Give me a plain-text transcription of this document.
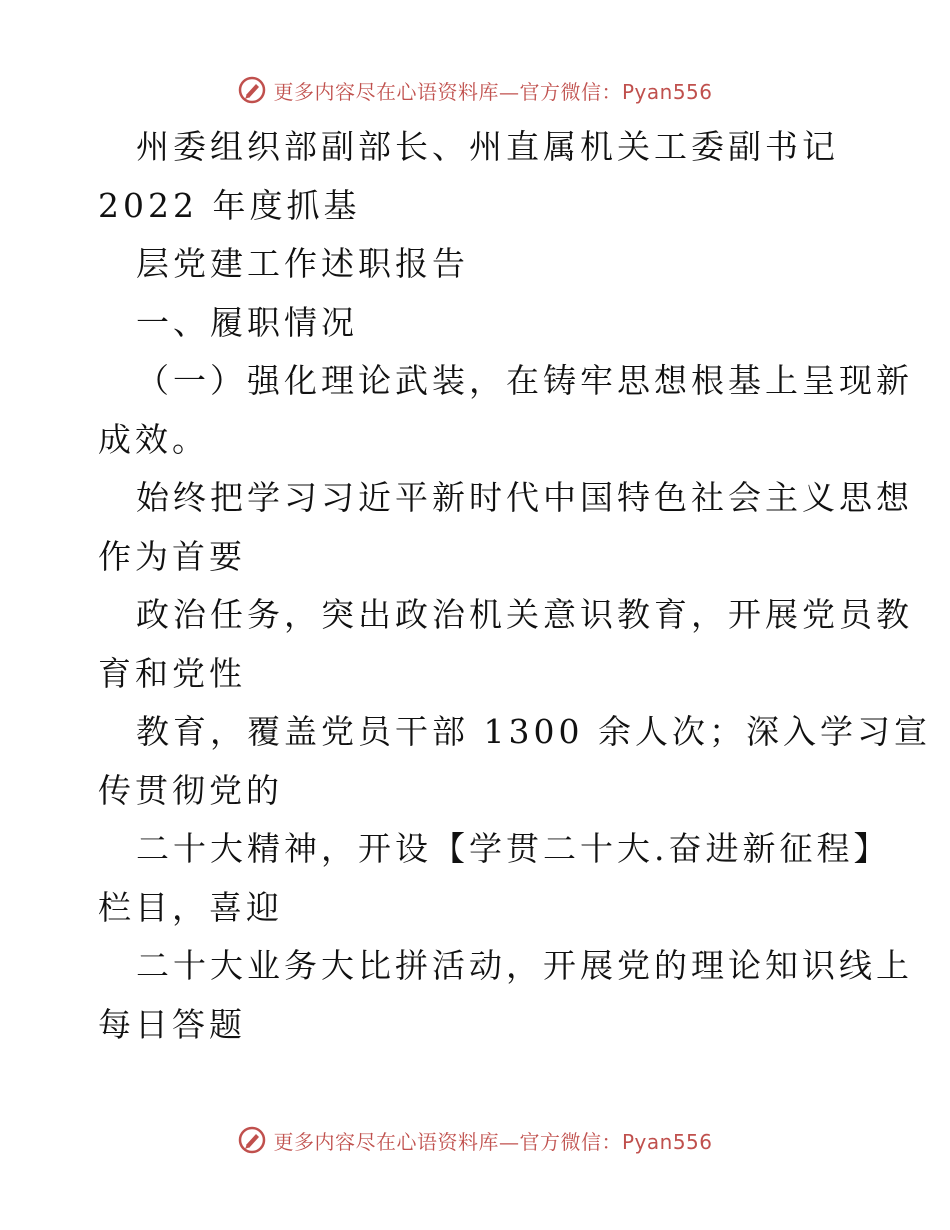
更多内容尽在心语资料库—官方微信：Pyan556
州委组织部副部长、州直属机关工委副书记
2022 年度抓基
层党建工作述职报告
一、履职情况
（一）强化理论武装，在铸牢思想根基上呈现新
成效。
始终把学习习近平新时代中国特色社会主义思想
作为首要
政治任务，突出政治机关意识教育，开展党员教
育和党性
教育，覆盖党员干部 1300 余人次；深入学习宣
传贯彻党的
二十大精神，开设【学贯二十大.奋进新征程】
栏目，喜迎
二十大业务大比拼活动，开展党的理论知识线上
每日答题
更多内容尽在心语资料库—官方微信：Pyan556
